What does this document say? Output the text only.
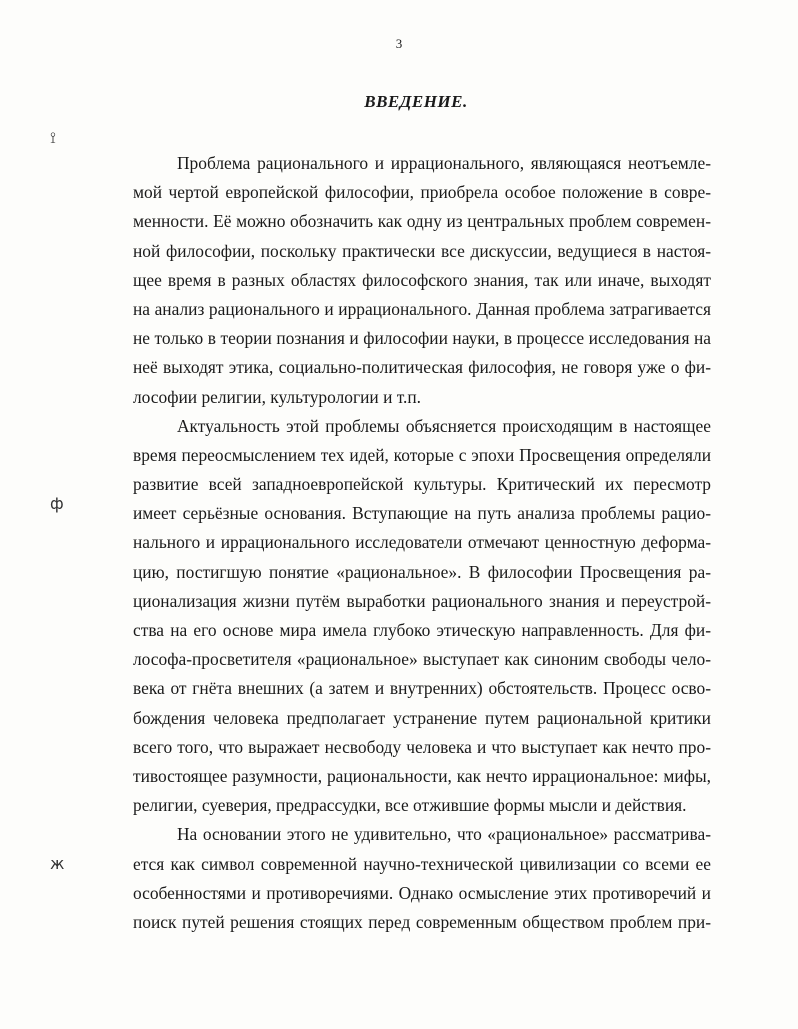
3
ВВЕДЕНИЕ.
⟟
ф
ж
Проблема рационального и иррационального, являющаяся неотъемле-
мой чертой европейской философии, приобрела особое положение в совре-
менности. Её можно обозначить как одну из центральных проблем современ-
ной философии, поскольку практически все дискуссии, ведущиеся в настоя-
щее время в разных областях философского знания, так или иначе, выходят
на анализ рационального и иррационального. Данная проблема затрагивается
не только в теории познания и философии науки, в процессе исследования на
неё выходят этика, социально-политическая философия, не говоря уже о фи-
лософии религии, культурологии и т.п.
Актуальность этой проблемы объясняется происходящим в настоящее
время переосмыслением тех идей, которые с эпохи Просвещения определяли
развитие всей западноевропейской культуры. Критический их пересмотр
имеет серьёзные основания. Вступающие на путь анализа проблемы рацио-
нального и иррационального исследователи отмечают ценностную деформа-
цию, постигшую понятие «рациональное». В философии Просвещения ра-
ционализация жизни путём выработки рационального знания и переустрой-
ства на его основе мира имела глубоко этическую направленность. Для фи-
лософа-просветителя «рациональное» выступает как синоним свободы чело-
века от гнёта внешних (а затем и внутренних) обстоятельств. Процесс осво-
бождения человека предполагает устранение путем рациональной критики
всего того, что выражает несвободу человека и что выступает как нечто про-
тивостоящее разумности, рациональности, как нечто иррациональное: мифы,
религии, суеверия, предрассудки, все отжившие формы мысли и действия.
На основании этого не удивительно, что «рациональное» рассматрива-
ется как символ современной научно-технической цивилизации со всеми ее
особенностями и противоречиями. Однако осмысление этих противоречий и
поиск путей решения стоящих перед современным обществом проблем при-
